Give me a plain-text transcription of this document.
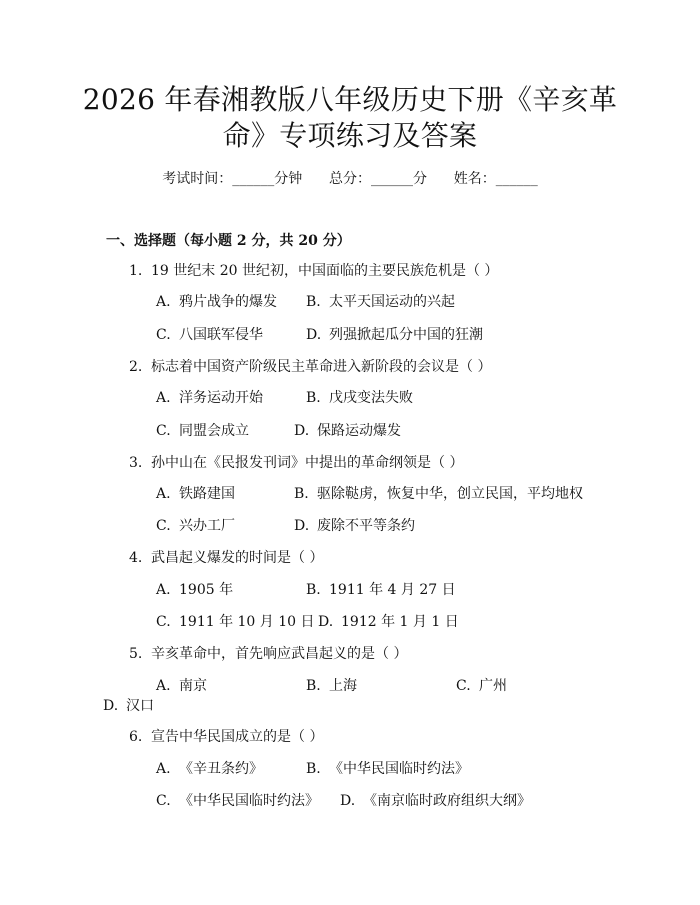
2026 年春湘教版八年级历史下册《辛亥革
命》专项练习及答案
考试时间：______分钟      总分：______分      姓名：______
一、选择题（每小题 2 分，共 20 分）
1. 19 世纪末 20 世纪初，中国面临的主要民族危机是（ ）
A. 鸦片战争的爆发 B. 太平天国运动的兴起
C. 八国联军侵华	D. 列强掀起瓜分中国的狂潮
2. 标志着中国资产阶级民主革命进入新阶段的会议是（ ）
A. 洋务运动开始	B. 戊戌变法失败
C. 同盟会成立	D. 保路运动爆发
3. 孙中山在《民报发刊词》中提出的革命纲领是（ ）
A. 铁路建国	B. 驱除鞑虏，恢复中华，创立民国，平均地权
C. 兴办工厂	D. 废除不平等条约
4. 武昌起义爆发的时间是（ ）
A. 1905 年	B. 1911 年 4 月 27 日
C. 1911 年 10 月 10 日 D. 1912 年 1 月 1 日
5. 辛亥革命中，首先响应武昌起义的是（ ）
A. 南京	B. 上海	C. 广州
D. 汉口
6. 宣告中华民国成立的是（ ）
A. 《辛丑条约》	B. 《中华民国临时约法》
C. 《中华民国临时约法》 D. 《南京临时政府组织大纲》
